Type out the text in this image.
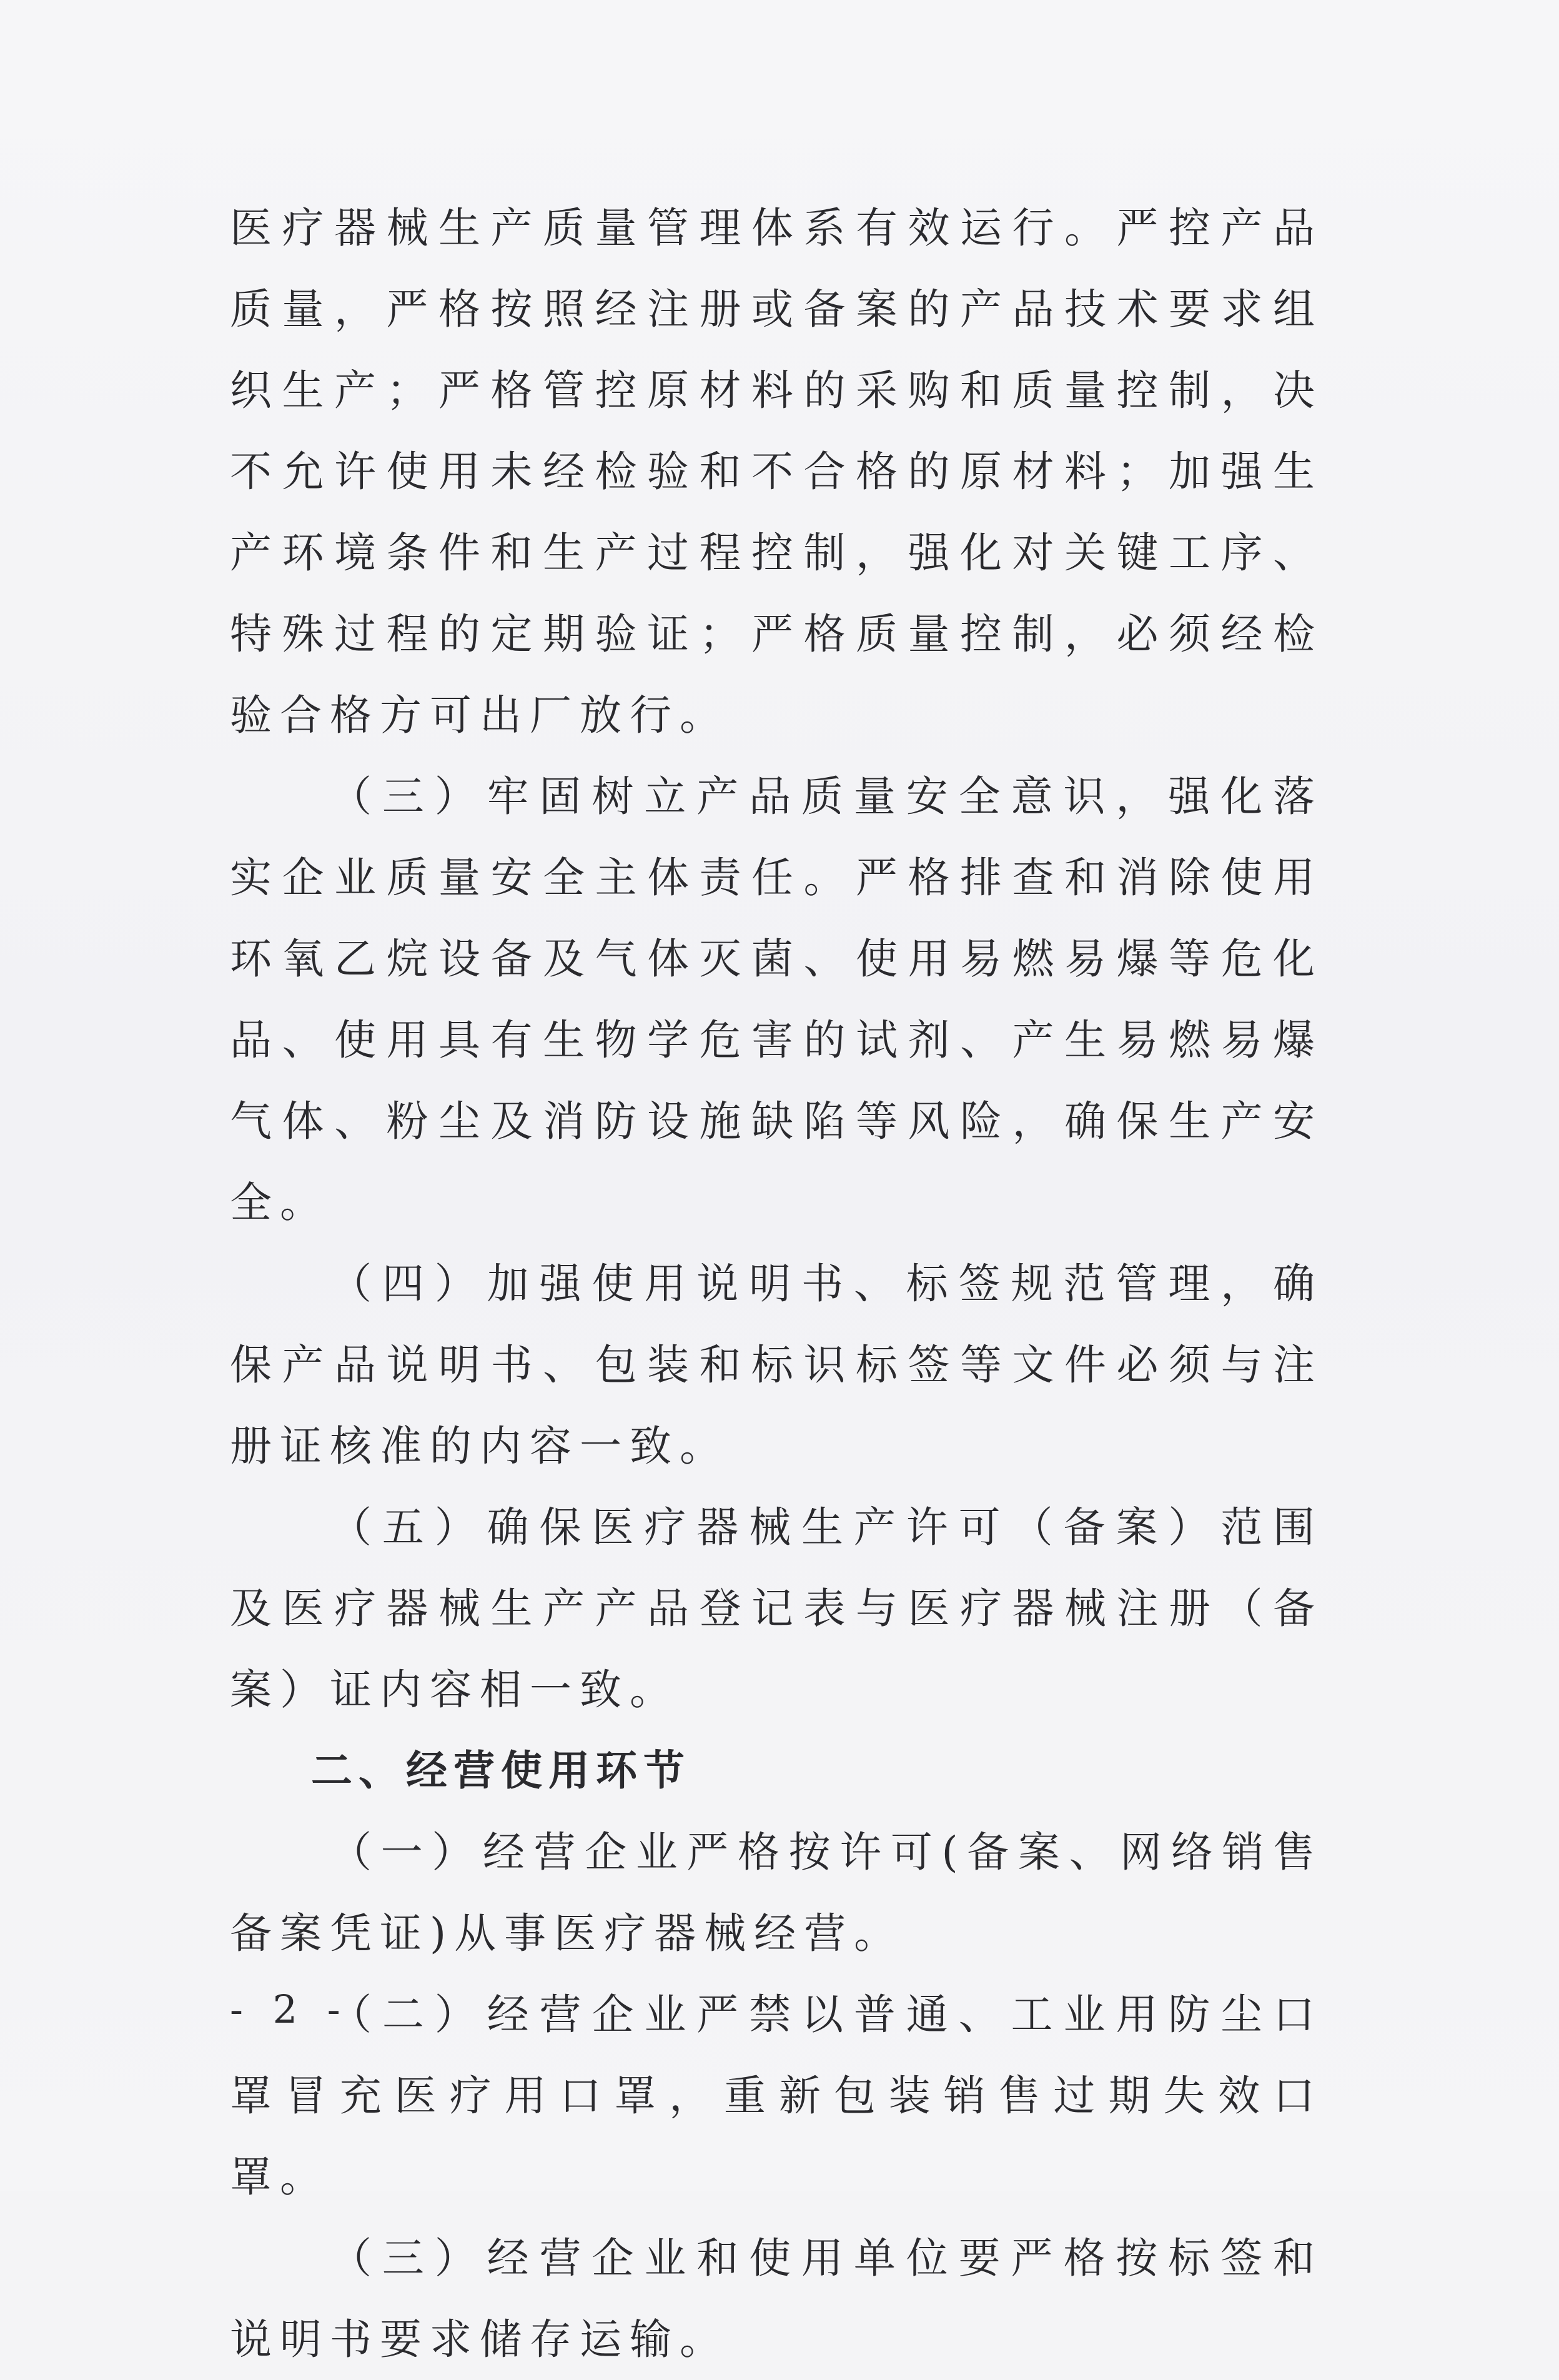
医疗器械生产质量管理体系有效运行。严控产品质量，严格按照经注册或备案的产品技术要求组织生产；严格管控原材料的采购和质量控制，决不允许使用未经检验和不合格的原材料；加强生产环境条件和生产过程控制，强化对关键工序、特殊过程的定期验证；严格质量控制，必须经检验合格方可出厂放行。

（三）牢固树立产品质量安全意识，强化落实企业质量安全主体责任。严格排查和消除使用环氧乙烷设备及气体灭菌、使用易燃易爆等危化品、使用具有生物学危害的试剂、产生易燃易爆气体、粉尘及消防设施缺陷等风险，确保生产安全。

（四）加强使用说明书、标签规范管理，确保产品说明书、包装和标识标签等文件必须与注册证核准的内容一致。

（五）确保医疗器械生产许可（备案）范围及医疗器械生产产品登记表与医疗器械注册（备案）证内容相一致。

二、经营使用环节

（一）经营企业严格按许可(备案、网络销售备案凭证)从事医疗器械经营。

（二）经营企业严禁以普通、工业用防尘口罩冒充医疗用口罩，重新包装销售过期失效口罩。

（三）经营企业和使用单位要严格按标签和说明书要求储存运输。

- 2 -
